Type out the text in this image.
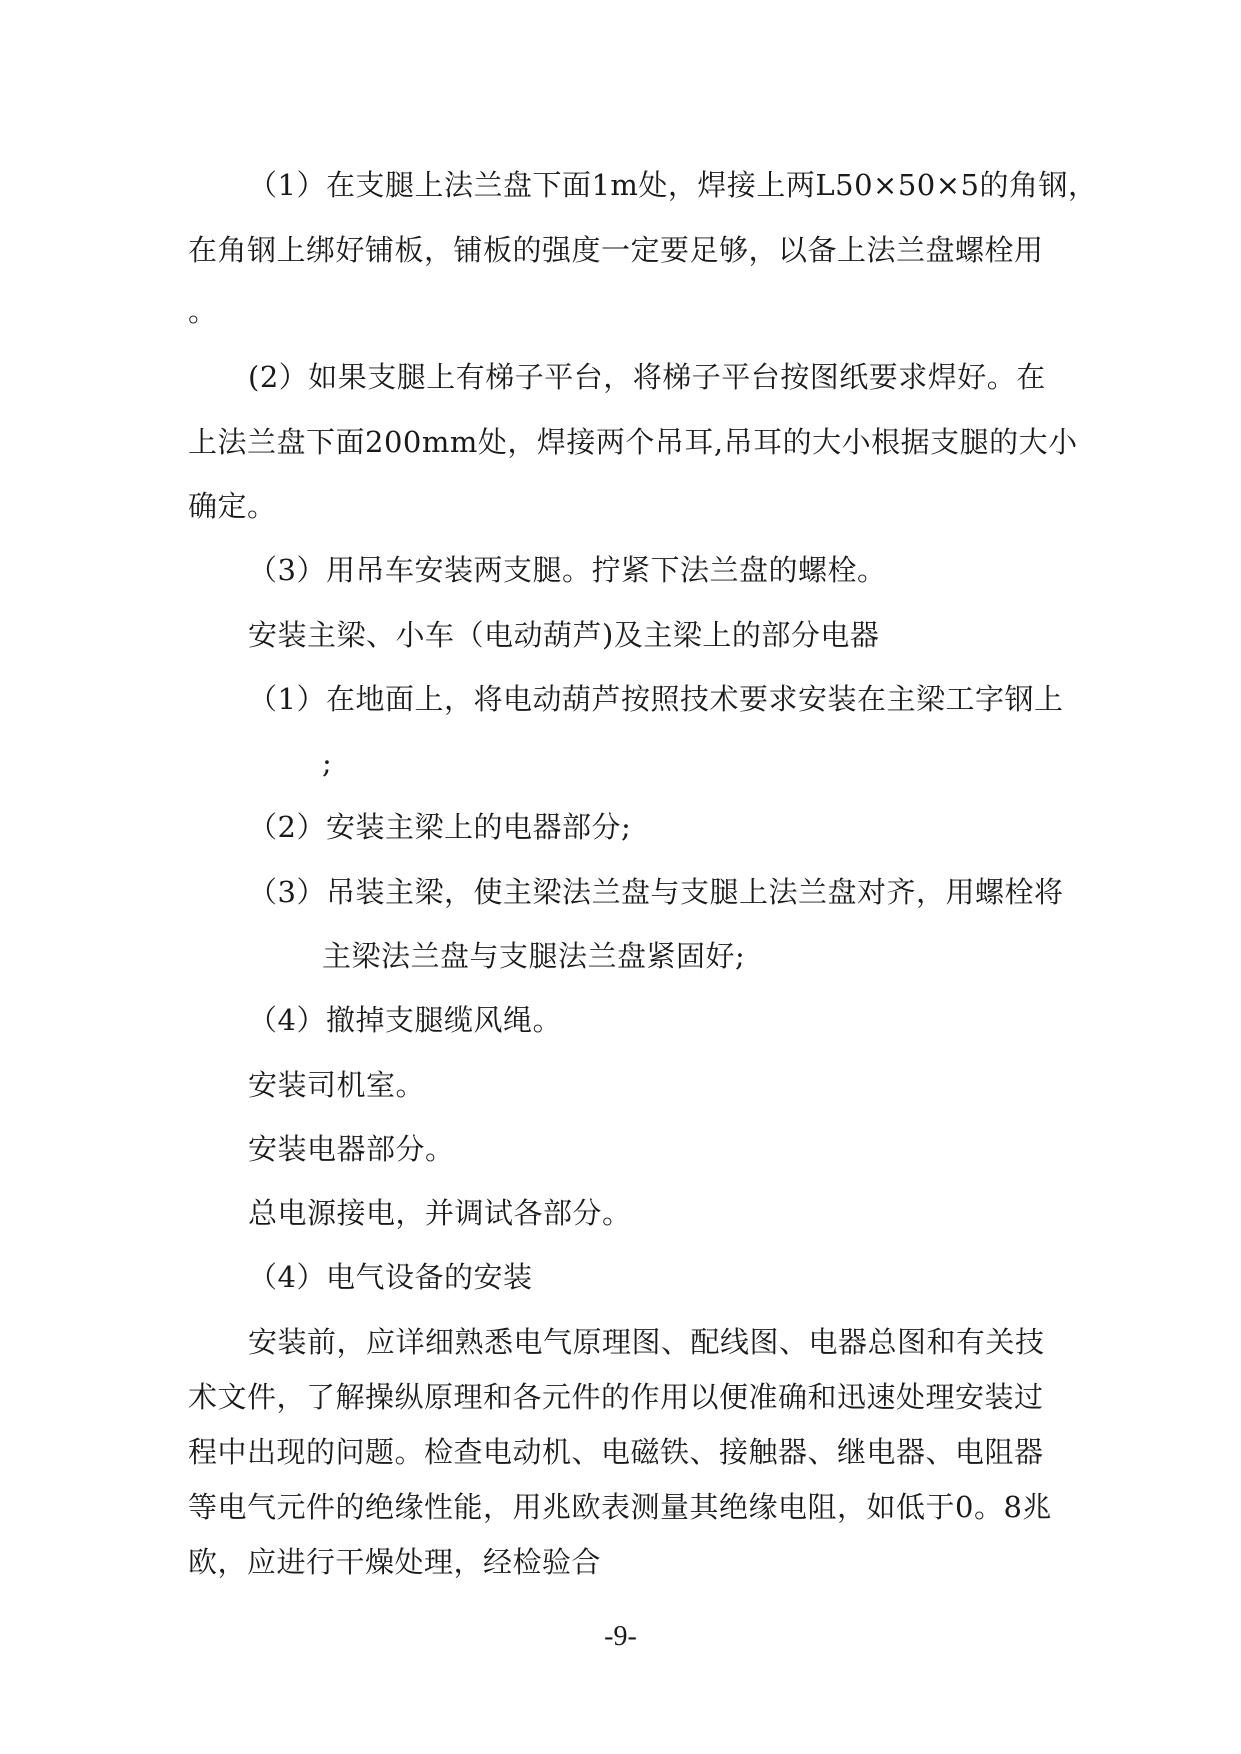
（1）在支腿上法兰盘下面1m处，焊接上两L50×50×5的角钢，
在角钢上绑好铺板，铺板的强度一定要足够，以备上法兰盘螺栓用
。
(2）如果支腿上有梯子平台，将梯子平台按图纸要求焊好。在
上法兰盘下面200mm处，焊接两个吊耳,吊耳的大小根据支腿的大小
确定。
（3）用吊车安装两支腿。拧紧下法兰盘的螺栓。
安装主梁、小车（电动葫芦)及主梁上的部分电器
（1）在地面上，将电动葫芦按照技术要求安装在主梁工字钢上
;
（2）安装主梁上的电器部分;
（3）吊装主梁，使主梁法兰盘与支腿上法兰盘对齐，用螺栓将
主梁法兰盘与支腿法兰盘紧固好;
（4）撤掉支腿缆风绳。
安装司机室。
安装电器部分。
总电源接电，并调试各部分。
（4）电气设备的安装
安装前，应详细熟悉电气原理图、配线图、电器总图和有关技
术文件，了解操纵原理和各元件的作用以便准确和迅速处理安装过
程中出现的问题。检查电动机、电磁铁、接触器、继电器、电阻器
等电气元件的绝缘性能，用兆欧表测量其绝缘电阻，如低于0。8兆
欧，应进行干燥处理，经检验合
-9-
